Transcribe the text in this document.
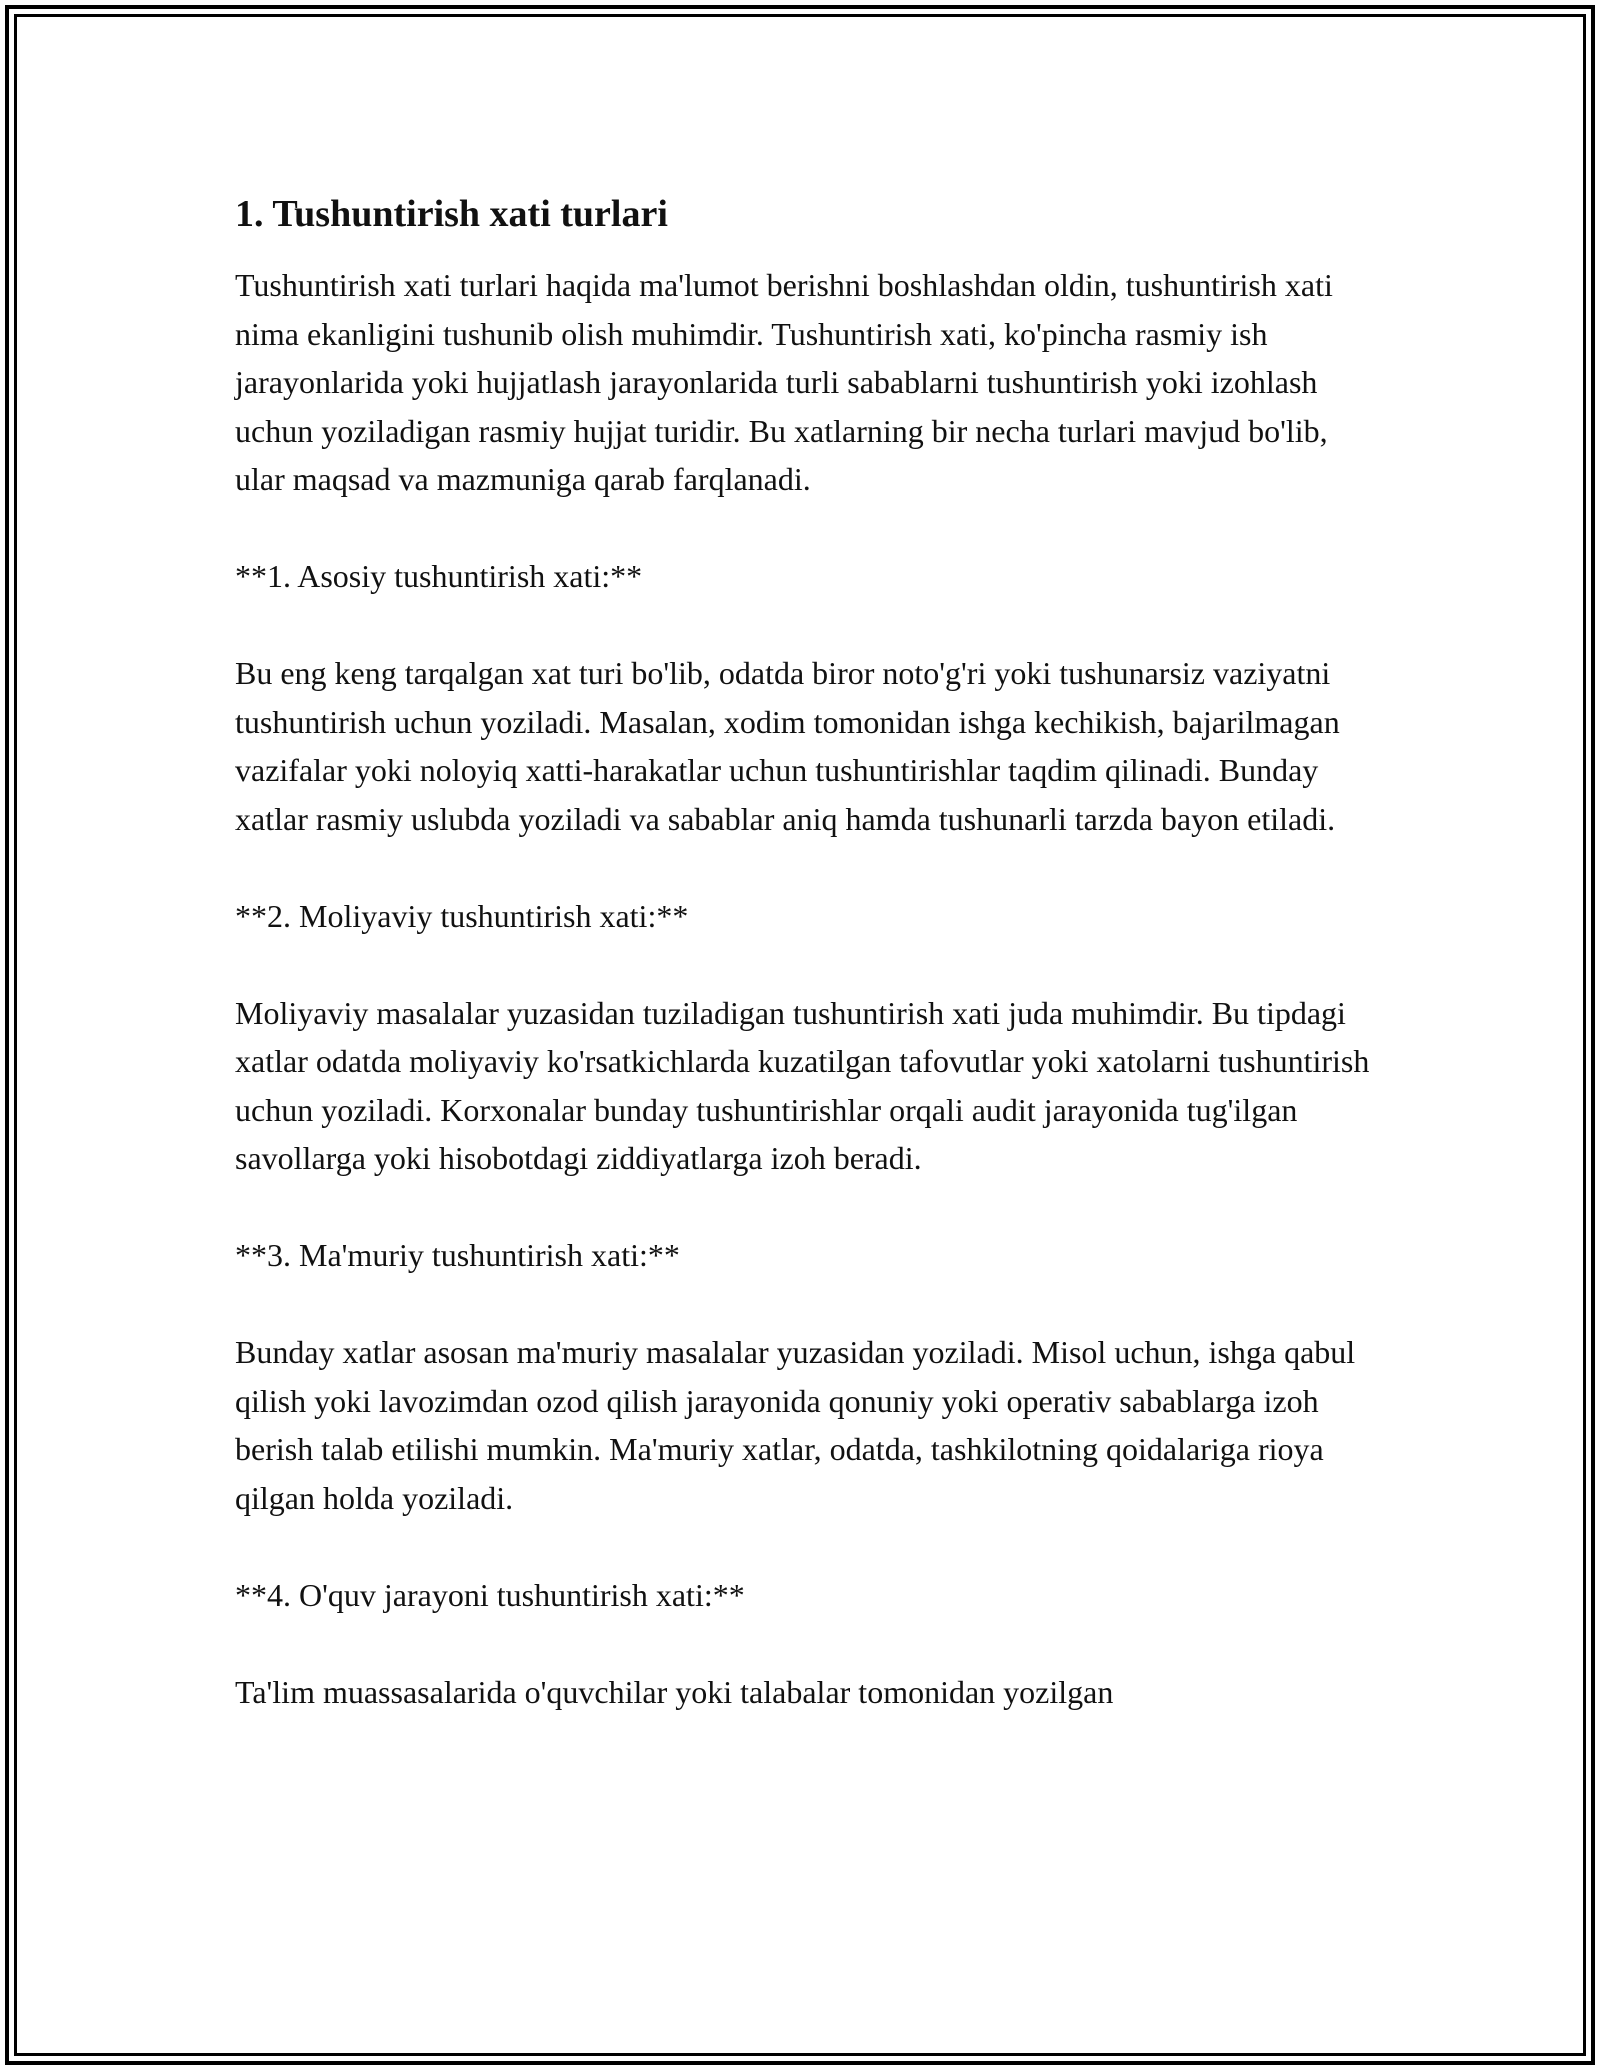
1. Tushuntirish xati turlari

Tushuntirish xati turlari haqida ma'lumot berishni boshlashdan oldin, tushuntirish xati nima ekanligini tushunib olish muhimdir. Tushuntirish xati, ko'pincha rasmiy ish jarayonlarida yoki hujjatlash jarayonlarida turli sabablarni tushuntirish yoki izohlash uchun yoziladigan rasmiy hujjat turidir. Bu xatlarning bir necha turlari mavjud bo'lib, ular maqsad va mazmuniga qarab farqlanadi.

**1. Asosiy tushuntirish xati:**

Bu eng keng tarqalgan xat turi bo'lib, odatda biror noto'g'ri yoki tushunarsiz vaziyatni tushuntirish uchun yoziladi. Masalan, xodim tomonidan ishga kechikish, bajarilmagan vazifalar yoki noloyiq xatti-harakatlar uchun tushuntirishlar taqdim qilinadi. Bunday xatlar rasmiy uslubda yoziladi va sabablar aniq hamda tushunarli tarzda bayon etiladi.

**2. Moliyaviy tushuntirish xati:**

Moliyaviy masalalar yuzasidan tuziladigan tushuntirish xati juda muhimdir. Bu tipdagi xatlar odatda moliyaviy ko'rsatkichlarda kuzatilgan tafovutlar yoki xatolarni tushuntirish uchun yoziladi. Korxonalar bunday tushuntirishlar orqali audit jarayonida tug'ilgan savollarga yoki hisobotdagi ziddiyatlarga izoh beradi.

**3. Ma'muriy tushuntirish xati:**

Bunday xatlar asosan ma'muriy masalalar yuzasidan yoziladi. Misol uchun, ishga qabul qilish yoki lavozimdan ozod qilish jarayonida qonuniy yoki operativ sabablarga izoh berish talab etilishi mumkin. Ma'muriy xatlar, odatda, tashkilotning qoidalariga rioya qilgan holda yoziladi.

**4. O'quv jarayoni tushuntirish xati:**

Ta'lim muassasalarida o'quvchilar yoki talabalar tomonidan yozilgan
